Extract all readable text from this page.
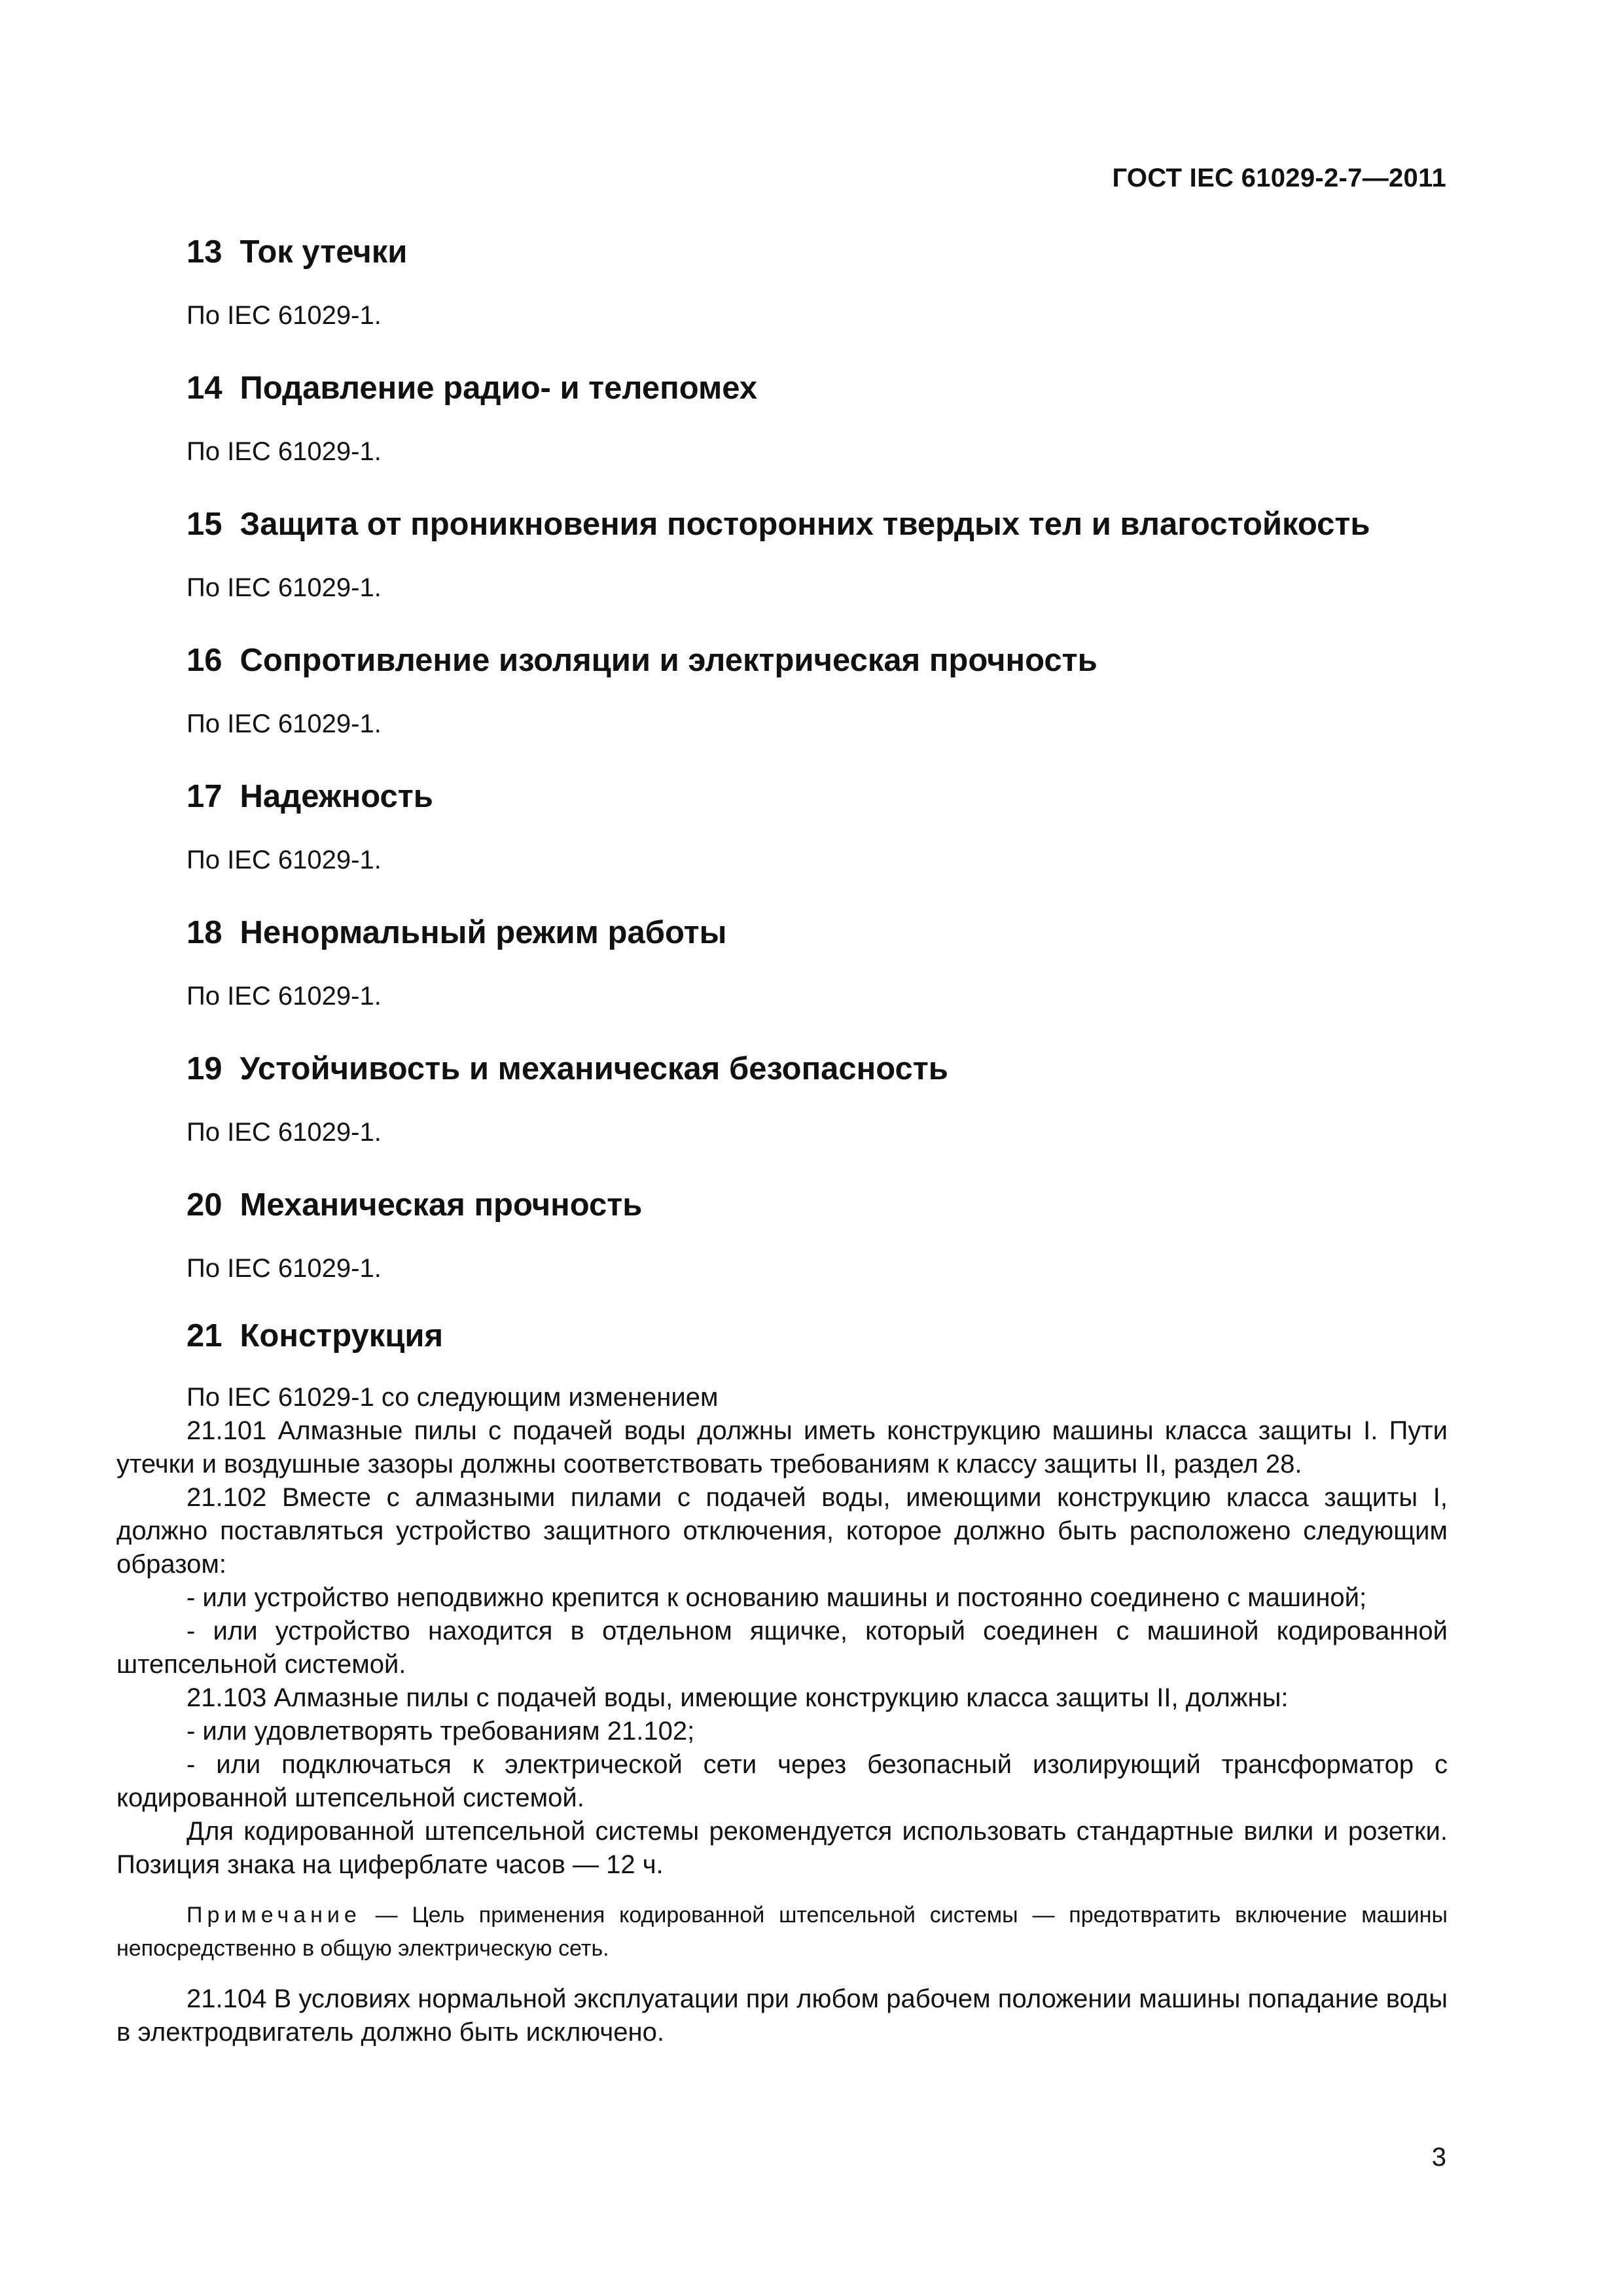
ГОСТ IEC 61029-2-7—2011
13 Ток утечки
По IEC 61029-1.
14 Подавление радио- и телепомех
По IEC 61029-1.
15 Защита от проникновения посторонних твердых тел и влагостойкость
По IEC 61029-1.
16 Сопротивление изоляции и электрическая прочность
По IEC 61029-1.
17 Надежность
По IEC 61029-1.
18 Ненормальный режим работы
По IEC 61029-1.
19 Устойчивость и механическая безопасность
По IEC 61029-1.
20 Механическая прочность
По IEC 61029-1.
21 Конструкция

По IEC 61029-1 со следующим изменением

21.101 Алмазные пилы с подачей воды должны иметь конструкцию машины класса защиты I. Пути утечки и воздушные зазоры должны соответствовать требованиям к классу защиты II, раздел 28.

21.102 Вместе с алмазными пилами с подачей воды, имеющими конструкцию класса защиты I, должно поставляться устройство защитного отключения, которое должно быть расположено следующим образом:

- или устройство неподвижно крепится к основанию машины и постоянно соединено с машиной;

- или устройство находится в отдельном ящичке, который соединен с машиной кодированной штепсельной системой.

21.103 Алмазные пилы с подачей воды, имеющие конструкцию класса защиты II, должны:

- или удовлетворять требованиям 21.102;

- или подключаться к электрической сети через безопасный изолирующий трансформатор с кодированной штепсельной системой.

Для кодированной штепсельной системы рекомендуется использовать стандартные вилки и розетки. Позиция знака на циферблате часов — 12 ч.

Примечание — Цель применения кодированной штепсельной системы — предотвратить включение машины непосредственно в общую электрическую сеть.

21.104 В условиях нормальной эксплуатации при любом рабочем положении машины попадание воды в электродвигатель должно быть исключено.

3
